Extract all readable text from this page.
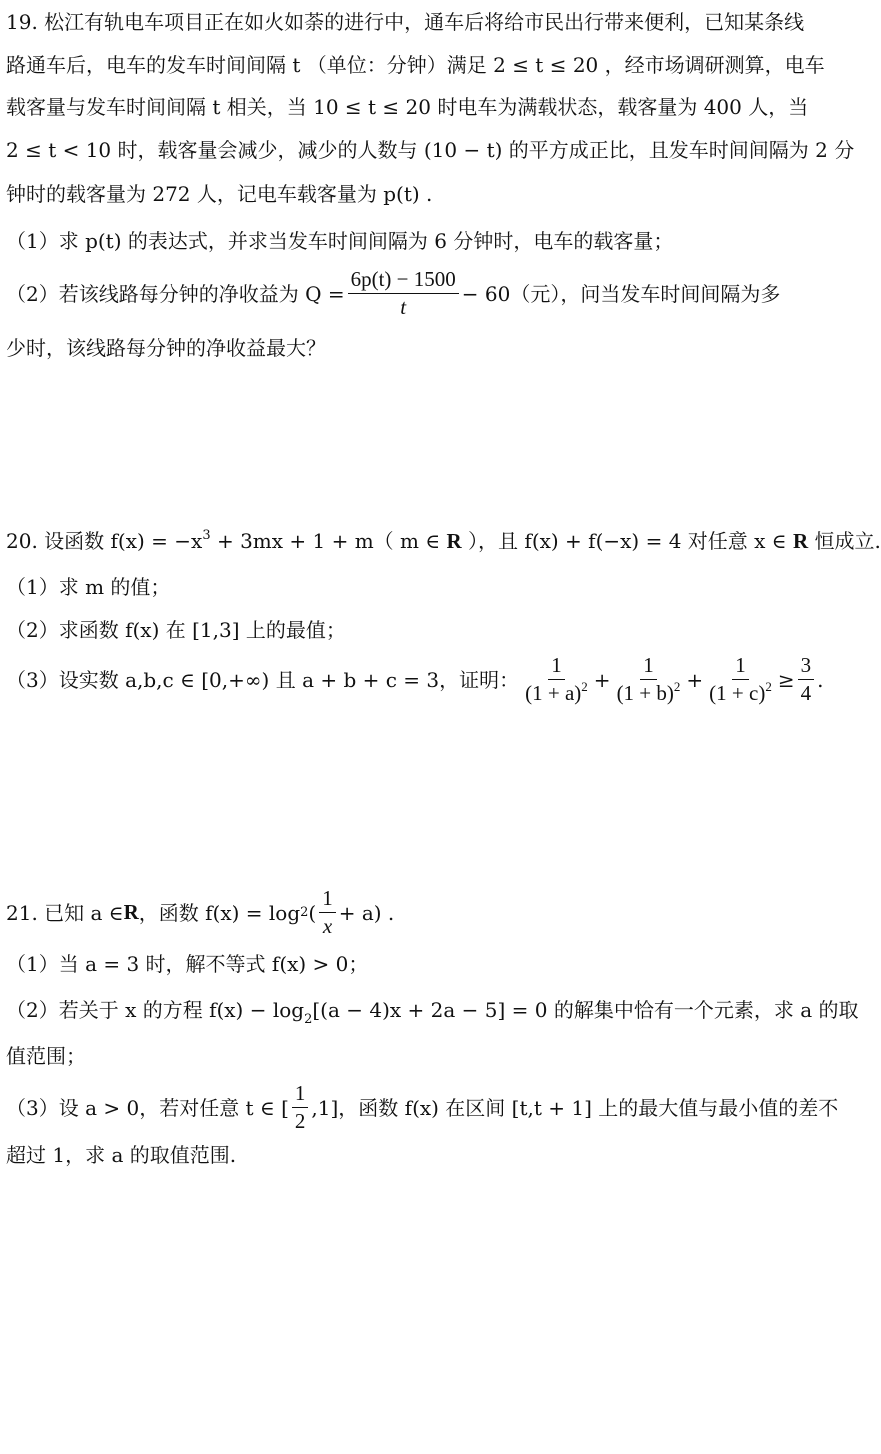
19. 松江有轨电车项目正在如火如荼的进行中，通车后将给市民出行带来便利，已知某条线
路通车后，电车的发车时间间隔 t （单位：分钟）满足 2 ≤ t ≤ 20 ，经市场调研测算，电车
载客量与发车时间间隔 t 相关，当 10 ≤ t ≤ 20 时电车为满载状态，载客量为 400 人，当
2 ≤ t < 10 时，载客量会减少，减少的人数与 (10 − t) 的平方成正比，且发车时间间隔为 2 分
钟时的载客量为 272 人，记电车载客量为 p(t) .
（1）求 p(t) 的表达式，并求当发车时间间隔为 6 分钟时，电车的载客量；
（2）若该线路每分钟的净收益为 $Q = \frac{6p(t) - 1500}{t} - 60$（元），问当发车时间间隔为多
少时，该线路每分钟的净收益最大？
20. 设函数 $f(x) = -x^3 + 3mx + 1 + m$（ m ∈ R ），且 f(x) + f(−x) = 4 对任意 x ∈ R 恒成立.
（1）求 m 的值；
（2）求函数 f(x) 在 [1,3] 上的最值；
（3）设实数 a,b,c ∈ [0,+∞) 且 a + b + c = 3，证明： $\frac{1}{(1 + a)^2} + \frac{1}{(1 + b)^2} + \frac{1}{(1 + c)^2} \ge \frac{3}{4}$ .
21. 已知 a ∈ R ，函数 f(x) = log 2 ( $\frac{1}{x} + a$) .
（1）当 a = 3 时，解不等式 f(x) > 0；
（2）若关于 x 的方程 $f(x) - \log_2[(a - 4)x + 2a - 5] = 0$ 的解集中恰有一个元素，求 a 的取
值范围；
（3）设 a > 0，若对任意 t ∈ [ $\frac{1}{2} ,1$]，函数 f(x) 在区间 [t,t + 1] 上的最大值与最小值的差不
超过 1，求 a 的取值范围.
